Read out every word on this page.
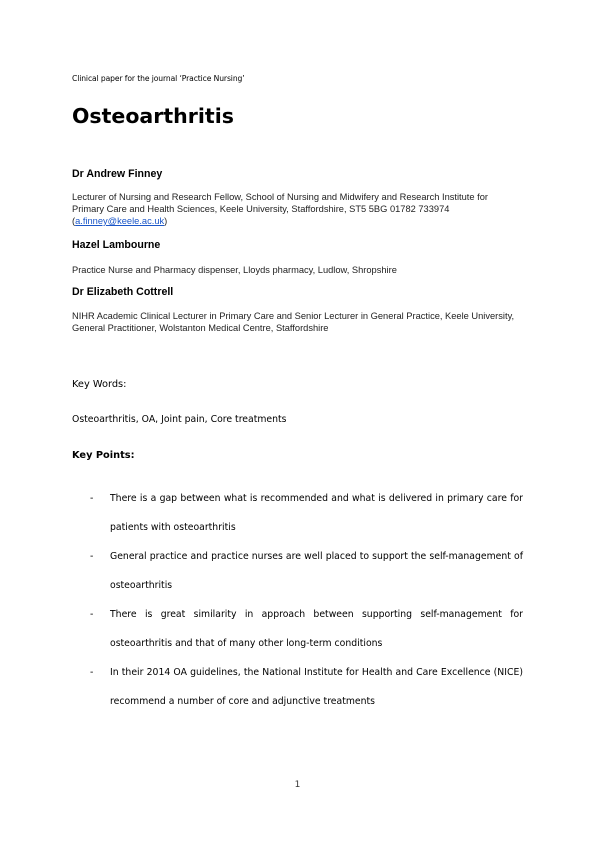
Clinical paper for the journal ‘Practice Nursing’
Osteoarthritis
Dr Andrew Finney
Lecturer of Nursing and Research Fellow, School of Nursing and Midwifery and Research Institute for Primary Care and Health Sciences, Keele University, Staffordshire, ST5 5BG 01782 733974 (a.finney@keele.ac.uk)
Hazel Lambourne
Practice Nurse and Pharmacy dispenser, Lloyds pharmacy, Ludlow, Shropshire
Dr Elizabeth Cottrell
NIHR Academic Clinical Lecturer in Primary Care and Senior Lecturer in General Practice, Keele University, General Practitioner, Wolstanton Medical Centre, Staffordshire
Key Words:
Osteoarthritis, OA, Joint pain, Core treatments
Key Points:
- There is a gap between what is recommended and what is delivered in primary care for patients with osteoarthritis
- General practice and practice nurses are well placed to support the self-management of osteoarthritis
- There is great similarity in approach between supporting self-management for osteoarthritis and that of many other long-term conditions
- In their 2014 OA guidelines, the National Institute for Health and Care Excellence (NICE) recommend a number of core and adjunctive treatments
1
